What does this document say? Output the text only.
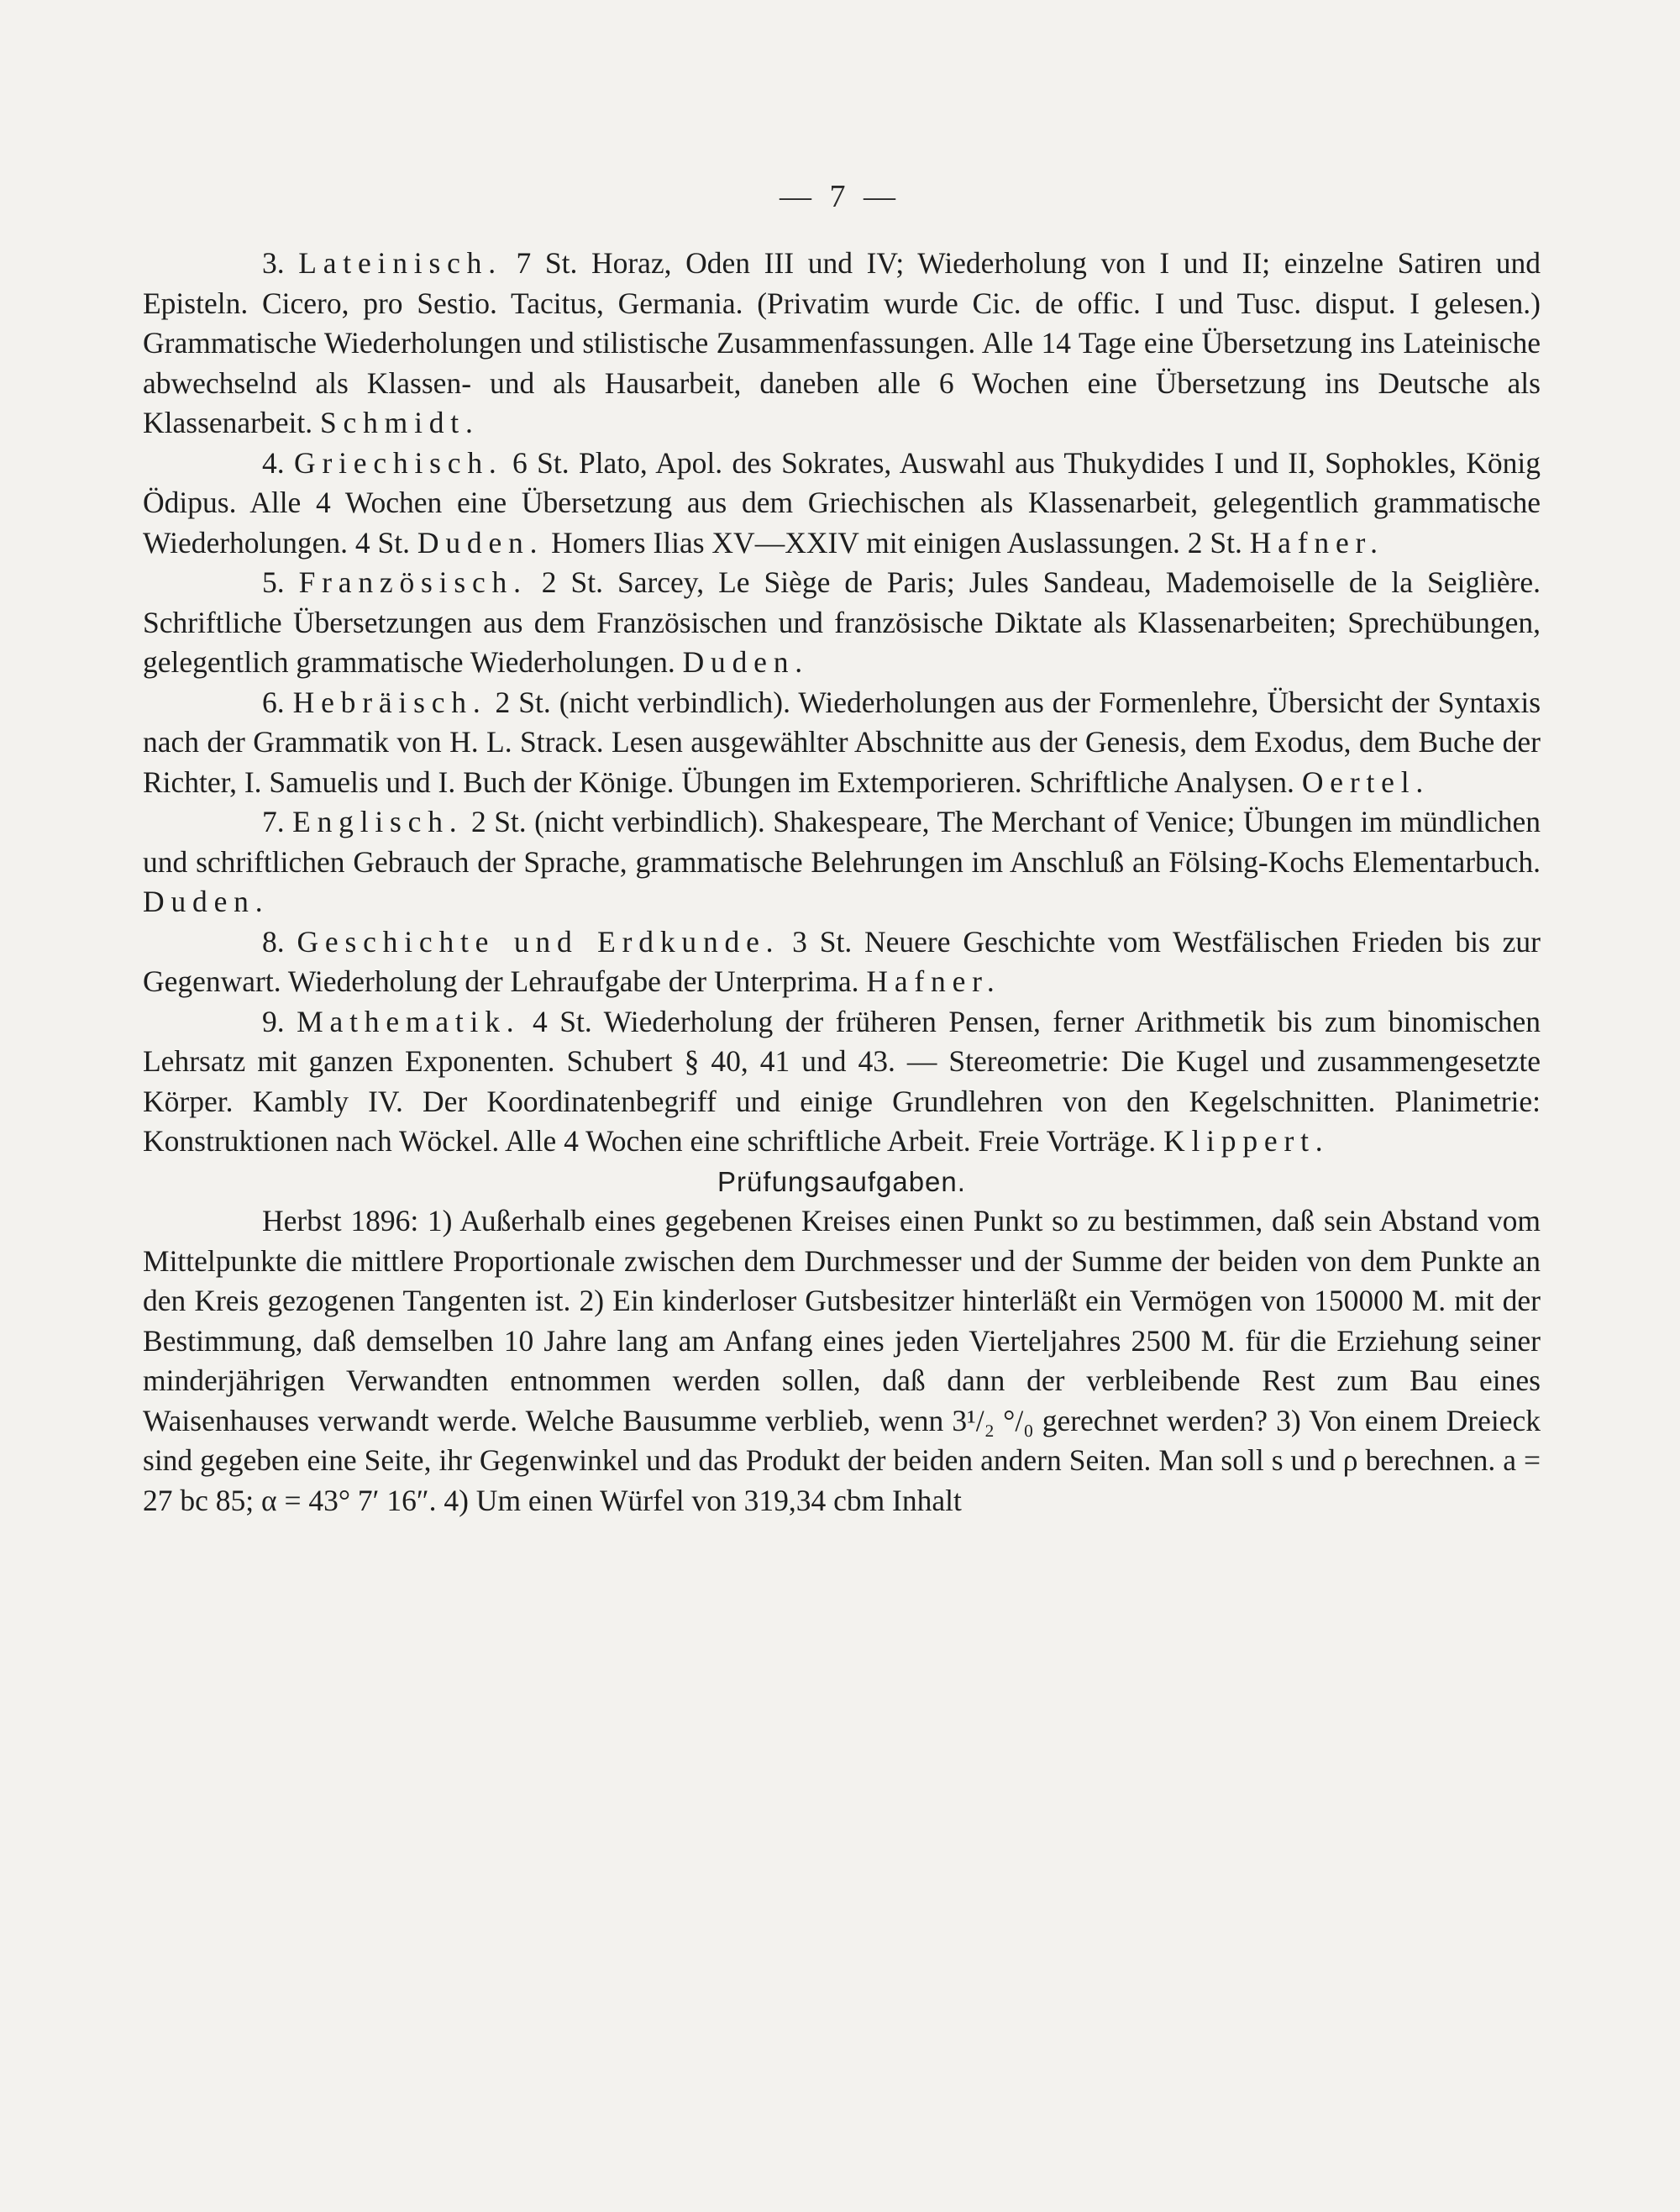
— 7 —

3. Lateinisch. 7 St. Horaz, Oden III und IV; Wiederholung von I und II; einzelne Satiren und Episteln. Cicero, pro Sestio. Tacitus, Germania. (Privatim wurde Cic. de offic. I und Tusc. disput. I gelesen.) Grammatische Wiederholungen und stilistische Zusammenfassungen. Alle 14 Tage eine Übersetzung ins Lateinische abwechselnd als Klassen- und als Hausarbeit, daneben alle 6 Wochen eine Übersetzung ins Deutsche als Klassenarbeit. Schmidt.

4. Griechisch. 6 St. Plato, Apol. des Sokrates, Auswahl aus Thukydides I und II, Sophokles, König Ödipus. Alle 4 Wochen eine Übersetzung aus dem Griechischen als Klassenarbeit, gelegentlich grammatische Wiederholungen. 4 St. Duden. Homers Ilias XV—XXIV mit einigen Auslassungen. 2 St. Hafner.

5. Französisch. 2 St. Sarcey, Le Siège de Paris; Jules Sandeau, Mademoiselle de la Seiglière. Schriftliche Übersetzungen aus dem Französischen und französische Diktate als Klassenarbeiten; Sprechübungen, gelegentlich grammatische Wiederholungen. Duden.

6. Hebräisch. 2 St. (nicht verbindlich). Wiederholungen aus der Formenlehre, Übersicht der Syntaxis nach der Grammatik von H. L. Strack. Lesen ausgewählter Abschnitte aus der Genesis, dem Exodus, dem Buche der Richter, I. Samuelis und I. Buch der Könige. Übungen im Extemporieren. Schriftliche Analysen. Oertel.

7. Englisch. 2 St. (nicht verbindlich). Shakespeare, The Merchant of Venice; Übungen im mündlichen und schriftlichen Gebrauch der Sprache, grammatische Belehrungen im Anschluß an Fölsing-Kochs Elementarbuch. Duden.

8. Geschichte und Erdkunde. 3 St. Neuere Geschichte vom Westfälischen Frieden bis zur Gegenwart. Wiederholung der Lehraufgabe der Unterprima. Hafner.

9. Mathematik. 4 St. Wiederholung der früheren Pensen, ferner Arithmetik bis zum binomischen Lehrsatz mit ganzen Exponenten. Schubert § 40, 41 und 43. — Stereometrie: Die Kugel und zusammengesetzte Körper. Kambly IV. Der Koordinatenbegriff und einige Grundlehren von den Kegelschnitten. Planimetrie: Konstruktionen nach Wöckel. Alle 4 Wochen eine schriftliche Arbeit. Freie Vorträge. Klippert.

Prüfungsaufgaben.

Herbst 1896: 1) Außerhalb eines gegebenen Kreises einen Punkt so zu bestimmen, daß sein Abstand vom Mittelpunkte die mittlere Proportionale zwischen dem Durchmesser und der Summe der beiden von dem Punkte an den Kreis gezogenen Tangenten ist. 2) Ein kinderloser Gutsbesitzer hinterläßt ein Vermögen von 150000 M. mit der Bestimmung, daß demselben 10 Jahre lang am Anfang eines jeden Vierteljahres 2500 M. für die Erziehung seiner minderjährigen Verwandten entnommen werden sollen, daß dann der verbleibende Rest zum Bau eines Waisenhauses verwandt werde. Welche Bausumme verblieb, wenn 3¹/₂ °/₀ gerechnet werden? 3) Von einem Dreieck sind gegeben eine Seite, ihr Gegenwinkel und das Produkt der beiden andern Seiten. Man soll s und ρ berechnen. a = 27 bc 85; α = 43° 7′ 16″. 4) Um einen Würfel von 319,34 cbm Inhalt
